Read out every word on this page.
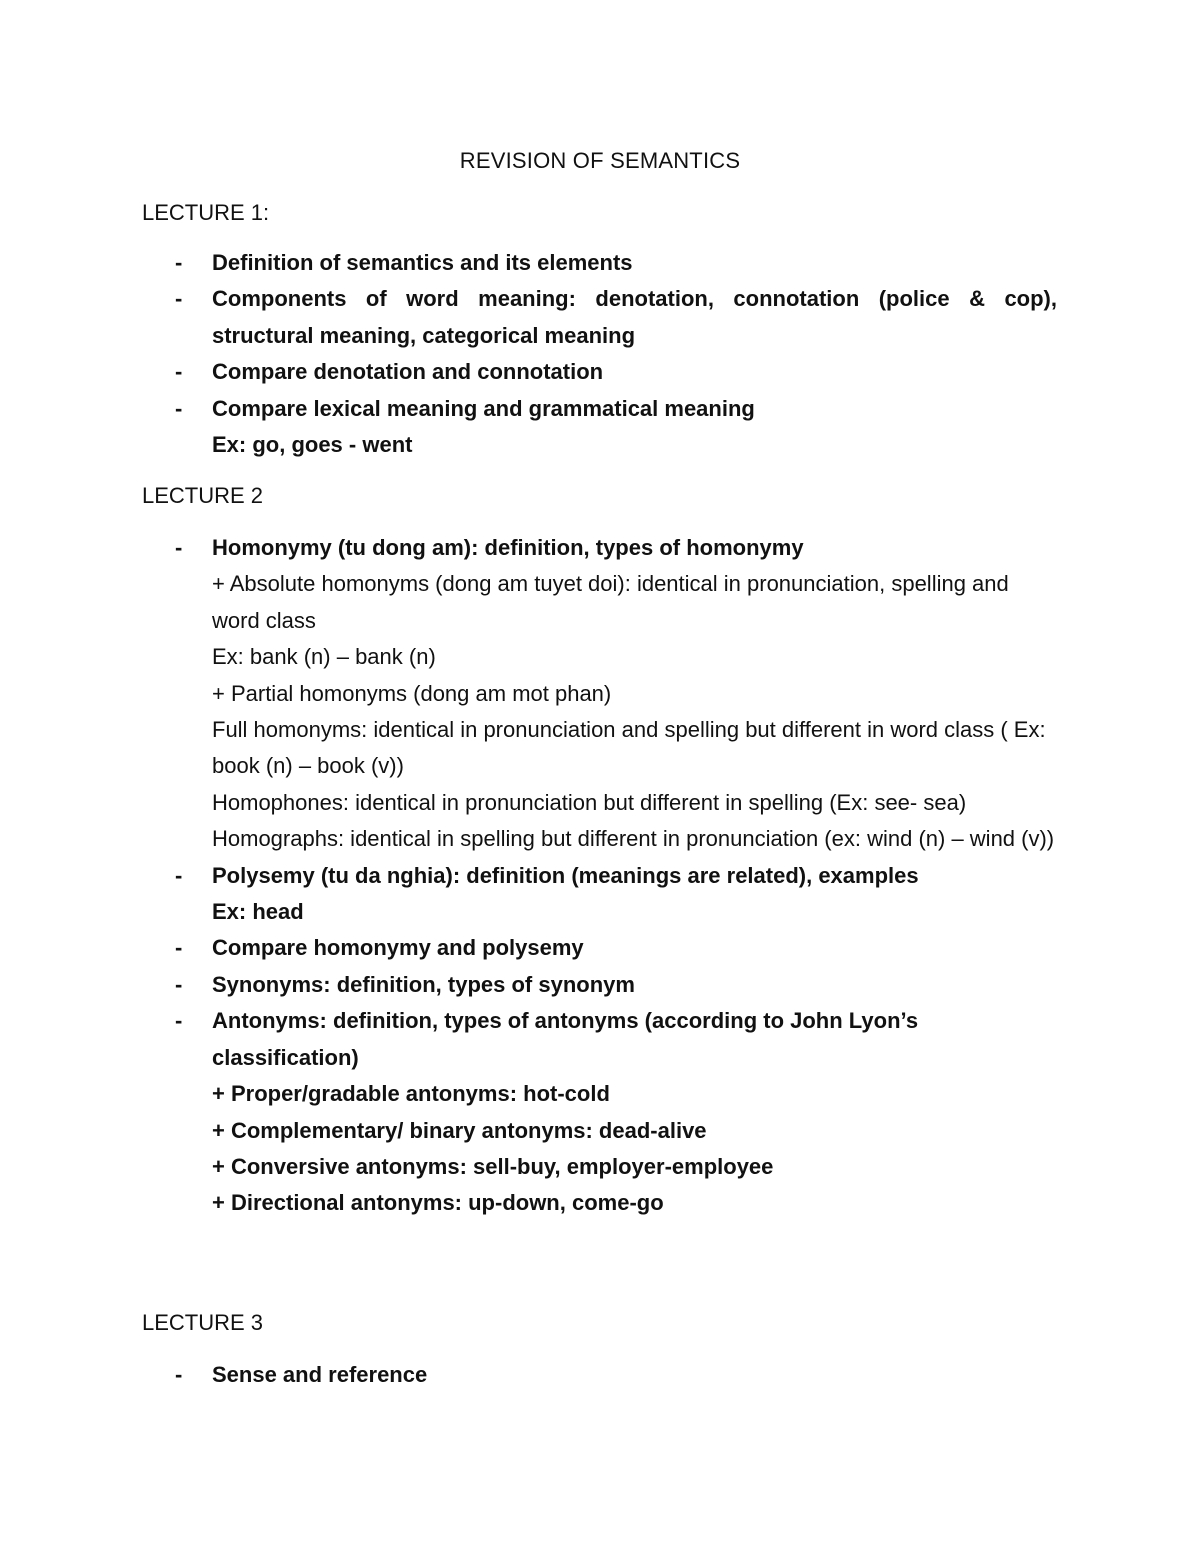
REVISION OF SEMANTICS
LECTURE 1:
-	Definition of semantics and its elements
-	Components of word meaning: denotation, connotation (police & cop), structural meaning, categorical meaning
-	Compare denotation and connotation
-	Compare lexical meaning and grammatical meaning
Ex: go, goes - went
LECTURE 2
-	Homonymy (tu dong am): definition, types of homonymy
+ Absolute homonyms (dong am tuyet doi): identical in pronunciation, spelling and word class
Ex: bank (n) – bank (n)
+ Partial homonyms (dong am mot phan)
Full homonyms: identical in pronunciation and spelling but different in word class ( Ex: book (n) – book (v))
Homophones: identical in pronunciation but different in spelling (Ex: see- sea)
Homographs: identical in spelling but different in pronunciation (ex: wind (n) – wind (v))
-	Polysemy (tu da nghia): definition (meanings are related), examples
Ex: head
-	Compare homonymy and polysemy
-	Synonyms: definition, types of synonym
-	Antonyms: definition, types of antonyms (according to John Lyon’s classification)
+ Proper/gradable antonyms: hot-cold
+ Complementary/ binary antonyms: dead-alive
+ Conversive antonyms: sell-buy, employer-employee
+ Directional antonyms: up-down, come-go
LECTURE 3
-	Sense and reference
